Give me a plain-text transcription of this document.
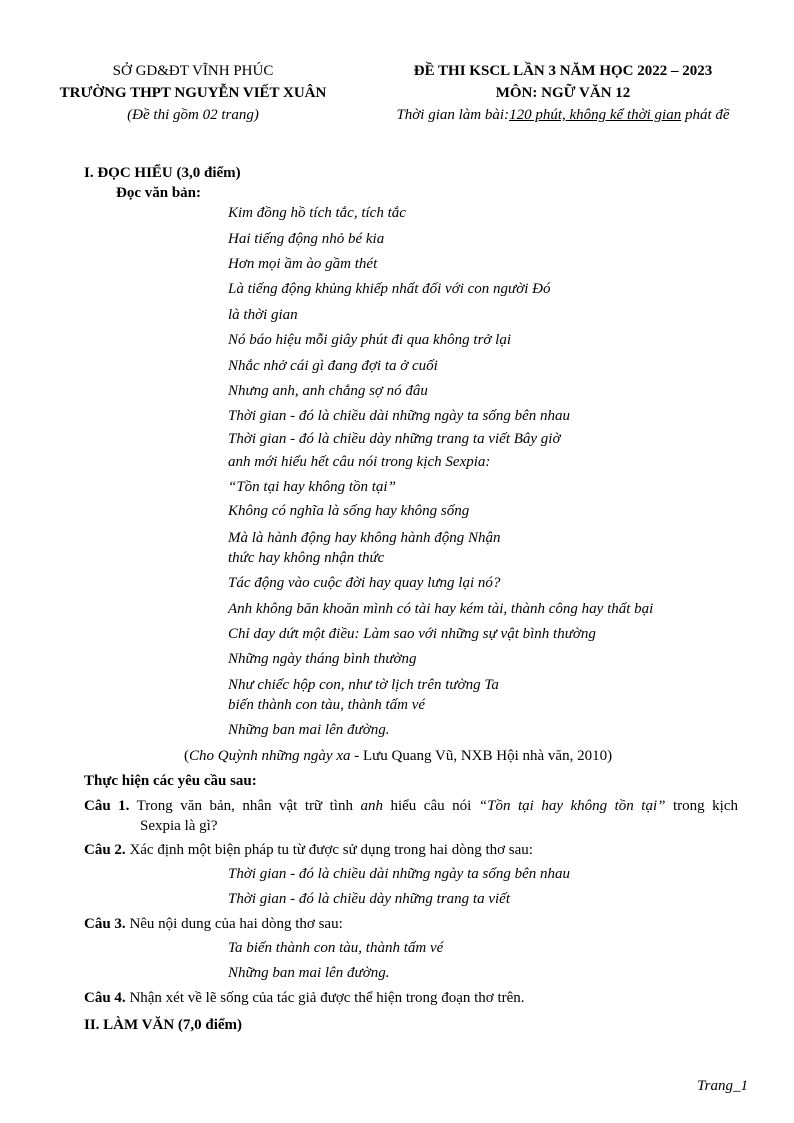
SỞ GD&ĐT VĨNH PHÚC
TRƯỜNG THPT NGUYỄN VIẾT XUÂN
(Đề thi gồm 02 trang)
ĐỀ THI KSCL LẦN 3 NĂM HỌC 2022 – 2023
MÔN: NGỮ VĂN 12
Thời gian làm bài:120 phút, không kể thời gian phát đề
I. ĐỌC HIỂU (3,0 điểm)
Đọc văn bản:
Kim đồng hồ tích tắc, tích tắc
Hai tiếng động nhỏ bé kia
Hơn mọi ầm ào gầm thét
Là tiếng động khủng khiếp nhất đối với con người Đó
là thời gian
Nó báo hiệu mỗi giây phút đi qua không trở lại
Nhắc nhở cái gì đang đợi ta ở cuối
Nhưng anh, anh chẳng sợ nó đâu
Thời gian - đó là chiều dài những ngày ta sống bên nhau
Thời gian - đó là chiều dày những trang ta viết Bây giờ
anh mới hiểu hết câu nói trong kịch Sexpia:
“Tồn tại hay không tồn tại”
Không có nghĩa là sống hay không sống
Mà là hành động hay không hành động Nhận
thức hay không nhận thức
Tác động vào cuộc đời hay quay lưng lại nó?
Anh không băn khoăn mình có tài hay kém tài, thành công hay thất bại
Chỉ day dứt một điều: Làm sao với những sự vật bình thường
Những ngày tháng bình thường
Như chiếc hộp con, như tờ lịch trên tường Ta
biến thành con tàu, thành tấm vé
Những ban mai lên đường.
(Cho Quỳnh những ngày xa - Lưu Quang Vũ, NXB Hội nhà văn, 2010)
Thực hiện các yêu cầu sau:
Câu 1. Trong văn bản, nhân vật trữ tình anh hiểu câu nói “Tồn tại hay không tồn tại” trong kịch
Sexpia là gì?
Câu 2. Xác định một biện pháp tu từ được sử dụng trong hai dòng thơ sau:
Thời gian - đó là chiều dài những ngày ta sống bên nhau
Thời gian - đó là chiều dày những trang ta viết
Câu 3. Nêu nội dung của hai dòng thơ sau:
Ta biến thành con tàu, thành tấm vé
Những ban mai lên đường.
Câu 4. Nhận xét về lẽ sống của tác giả được thể hiện trong đoạn thơ trên.
II. LÀM VĂN (7,0 điểm)
Trang_1
